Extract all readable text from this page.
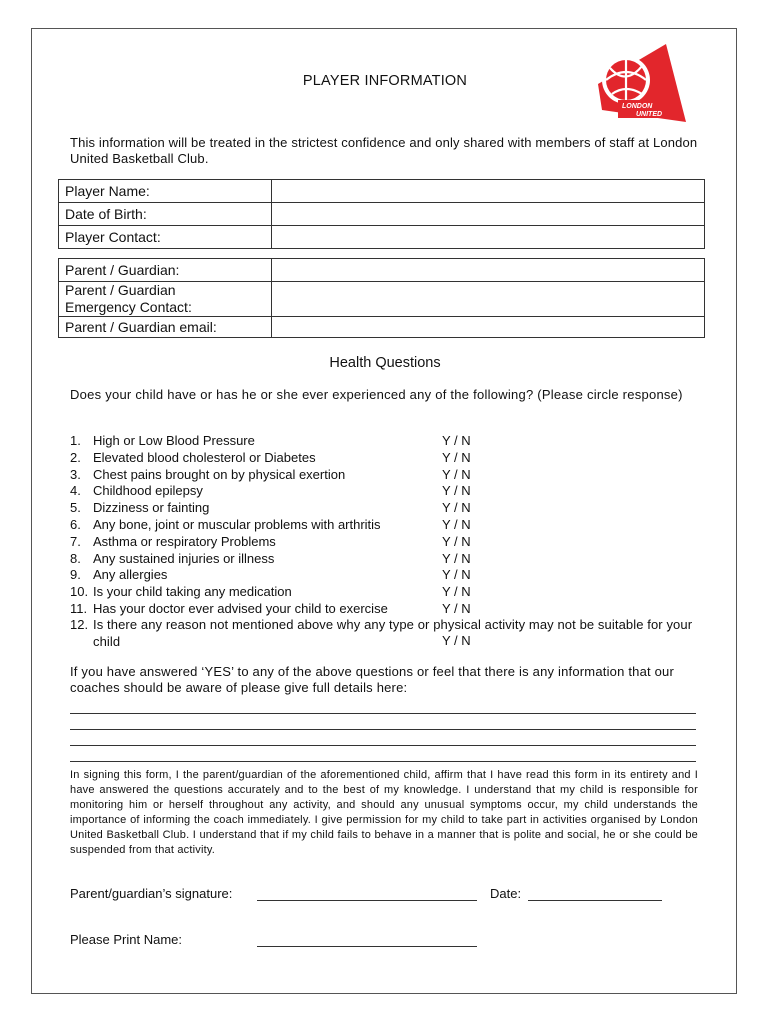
PLAYER INFORMATION
LONDON
UNITED
This information will be treated in the strictest confidence and only shared with members of staff at London United Basketball Club.
Player Name:	
Date of Birth:	
Player Contact:	
Parent / Guardian:	

Parent / Guardian
Emergency Contact:	

Parent / Guardian email:	
Health Questions
Does your child have or has he or she ever experienced any of the following? (Please circle response)
1. High or Low Blood Pressure	Y / N
2. Elevated blood cholesterol or Diabetes	Y / N
3. Chest pains brought on by physical exertion	Y / N
4. Childhood epilepsy	Y / N
5. Dizziness or fainting	Y / N
6. Any bone, joint or muscular problems with arthritis	Y / N
7. Asthma or respiratory Problems	Y / N
8. Any sustained injuries or illness	Y / N
9. Any allergies	Y / N
10. Is your child taking any medication	Y / N
11. Has your doctor ever advised your child to exercise	Y / N
12. Is there any reason not mentioned above why any type or physical activity may not be suitable for your child	Y / N
If you have answered ‘YES’ to any of the above questions or feel that there is any information that our coaches should be aware of please give full details here:
In signing this form, I the parent/guardian of the aforementioned child, affirm that I have read this form in its entirety and I have answered the questions accurately and to the best of my knowledge. I understand that my child is responsible for monitoring him or herself throughout any activity, and should any unusual symptoms occur, my child understands the importance of informing the coach immediately. I give permission for my child to take part in activities organised by London United Basketball Club. I understand that if my child fails to behave in a manner that is polite and social, he or she could be suspended from that activity.
Parent/guardian’s signature:	Date:
Please Print Name:
